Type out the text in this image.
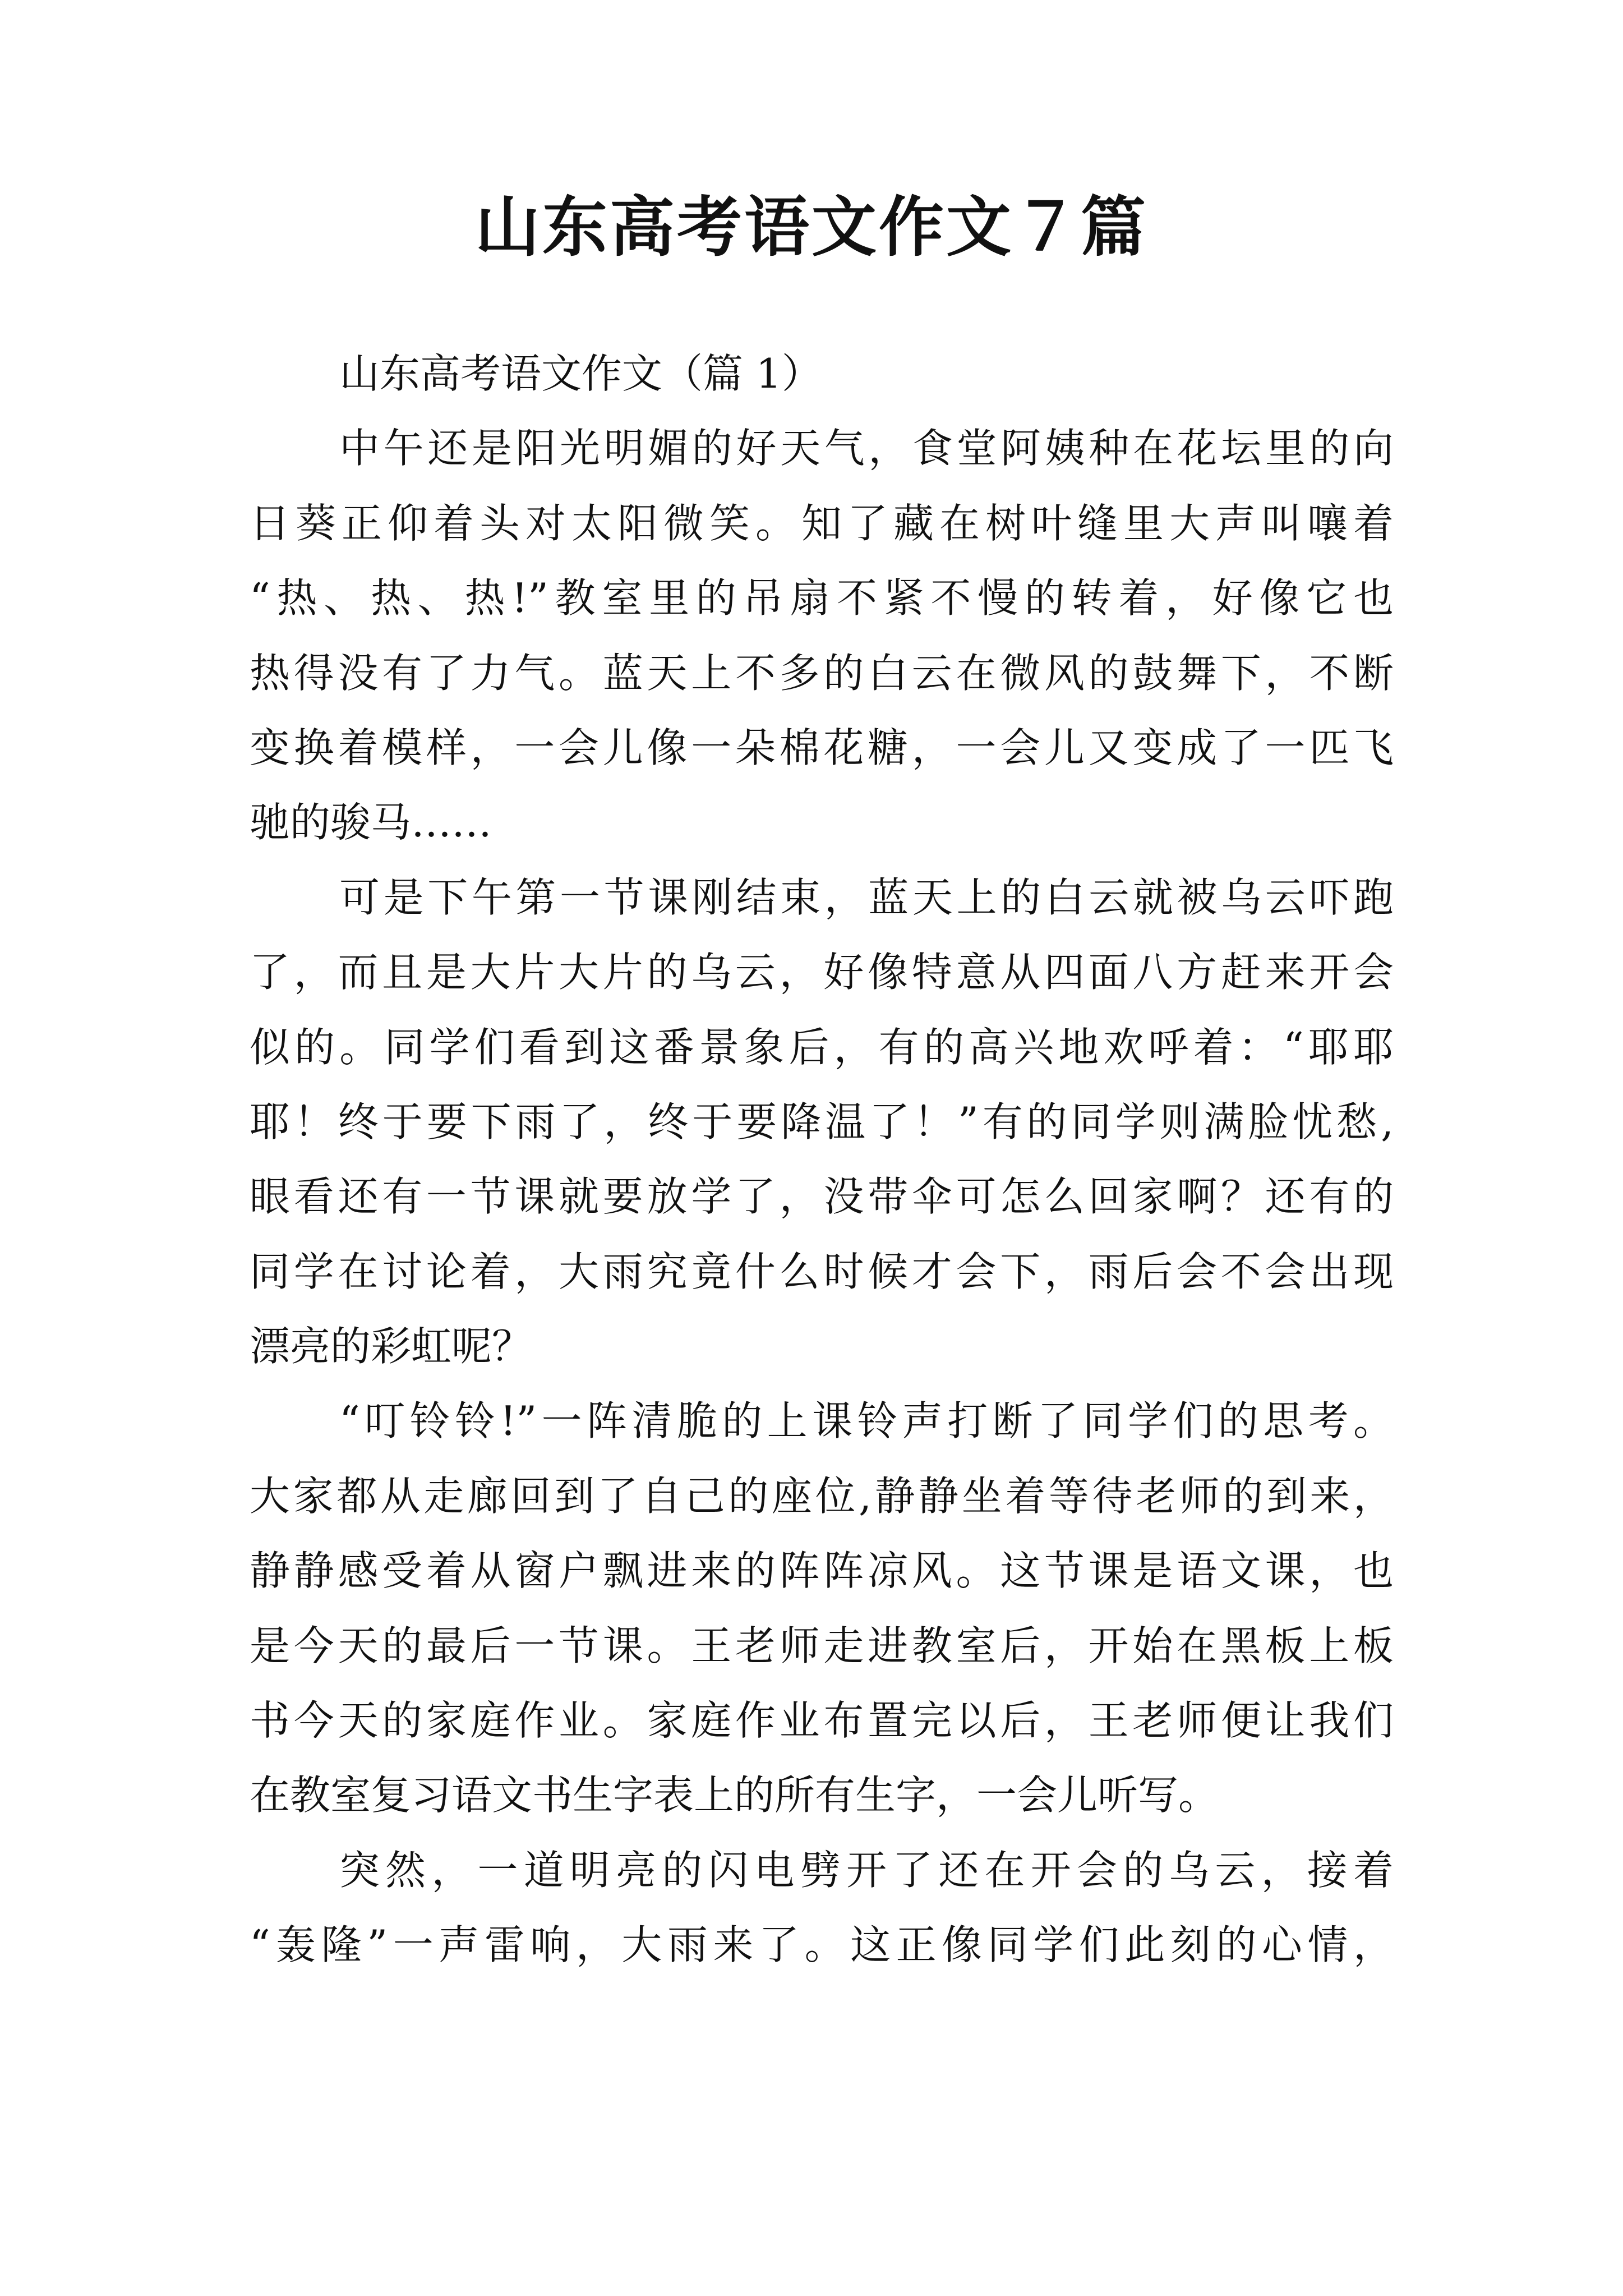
山东高考语文作文７篇
山东高考语文作文（篇 1）
中午还是阳光明媚的好天气，食堂阿姨种在花坛里的向
日葵正仰着头对太阳微笑。知了藏在树叶缝里大声叫嚷着
“热、热、热!”教室里的吊扇不紧不慢的转着，好像它也
热得没有了力气。蓝天上不多的白云在微风的鼓舞下，不断
变换着模样，一会儿像一朵棉花糖，一会儿又变成了一匹飞
驰的骏马……
可是下午第一节课刚结束，蓝天上的白云就被乌云吓跑
了，而且是大片大片的乌云，好像特意从四面八方赶来开会
似的。同学们看到这番景象后，有的高兴地欢呼着：“耶耶
耶！终于要下雨了，终于要降温了！”有的同学则满脸忧愁,
眼看还有一节课就要放学了，没带伞可怎么回家啊？还有的
同学在讨论着，大雨究竟什么时候才会下，雨后会不会出现
漂亮的彩虹呢？
“叮铃铃!”一阵清脆的上课铃声打断了同学们的思考。
大家都从走廊回到了自己的座位,静静坐着等待老师的到来，
静静感受着从窗户飘进来的阵阵凉风。这节课是语文课，也
是今天的最后一节课。王老师走进教室后，开始在黑板上板
书今天的家庭作业。家庭作业布置完以后，王老师便让我们
在教室复习语文书生字表上的所有生字，一会儿听写。
突然，一道明亮的闪电劈开了还在开会的乌云，接着
“轰隆”一声雷响，大雨来了。这正像同学们此刻的心情，
